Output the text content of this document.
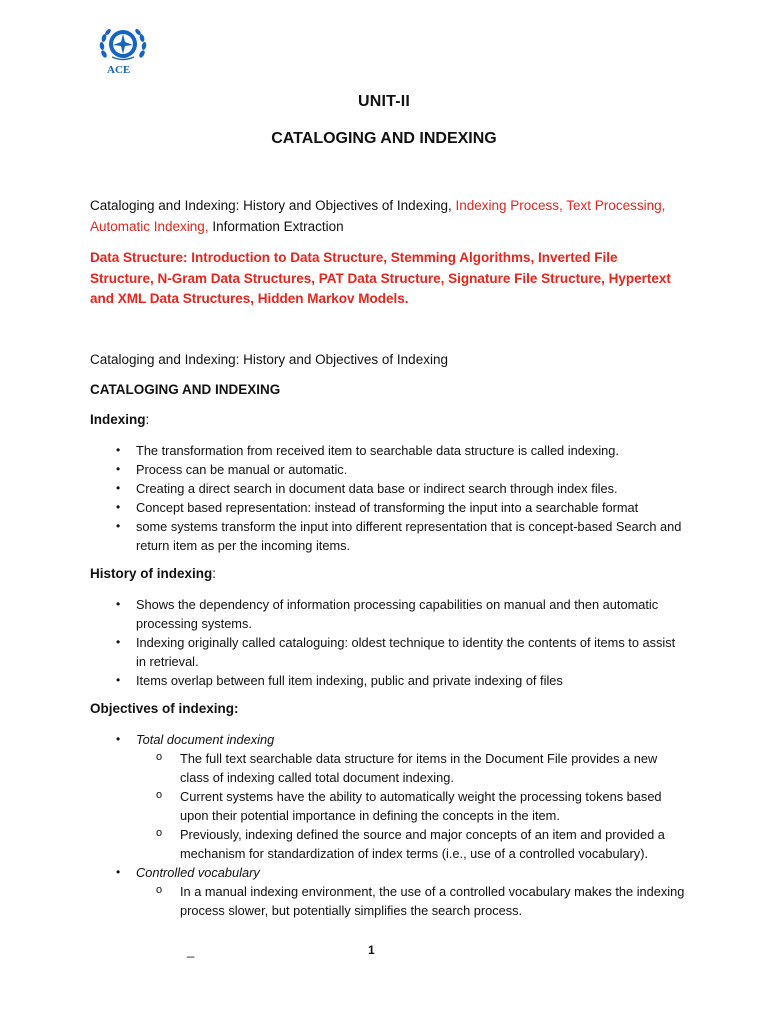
ACE
UNIT-II
CATALOGING AND INDEXING
Cataloging and Indexing: History and Objectives of Indexing, Indexing Process, Text Processing, Automatic Indexing, Information Extraction
Data Structure: Introduction to Data Structure, Stemming Algorithms, Inverted File Structure, N-Gram Data Structures, PAT Data Structure, Signature File Structure, Hypertext and XML Data Structures, Hidden Markov Models.
Cataloging and Indexing: History and Objectives of Indexing
CATALOGING AND INDEXING
Indexing:
• The transformation from received item to searchable data structure is called indexing.
• Process can be manual or automatic.
• Creating a direct search in document data base or indirect search through index files.
• Concept based representation: instead of transforming the input into a searchable format
• some systems transform the input into different representation that is concept-based Search and return item as per the incoming items.
History of indexing:
• Shows the dependency of information processing capabilities on manual and then automatic processing systems.
• Indexing originally called cataloguing: oldest technique to identity the contents of items to assist in retrieval.
• Items overlap between full item indexing, public and private indexing of files
Objectives of indexing:
• Total document indexing
o The full text searchable data structure for items in the Document File provides a new class of indexing called total document indexing.
o Current systems have the ability to automatically weight the processing tokens based upon their potential importance in defining the concepts in the item.
o Previously, indexing defined the source and major concepts of an item and provided a mechanism for standardization of index terms (i.e., use of a controlled vocabulary).
• Controlled vocabulary
o In a manual indexing environment, the use of a controlled vocabulary makes the indexing process slower, but potentially simplifies the search process.
_	1
